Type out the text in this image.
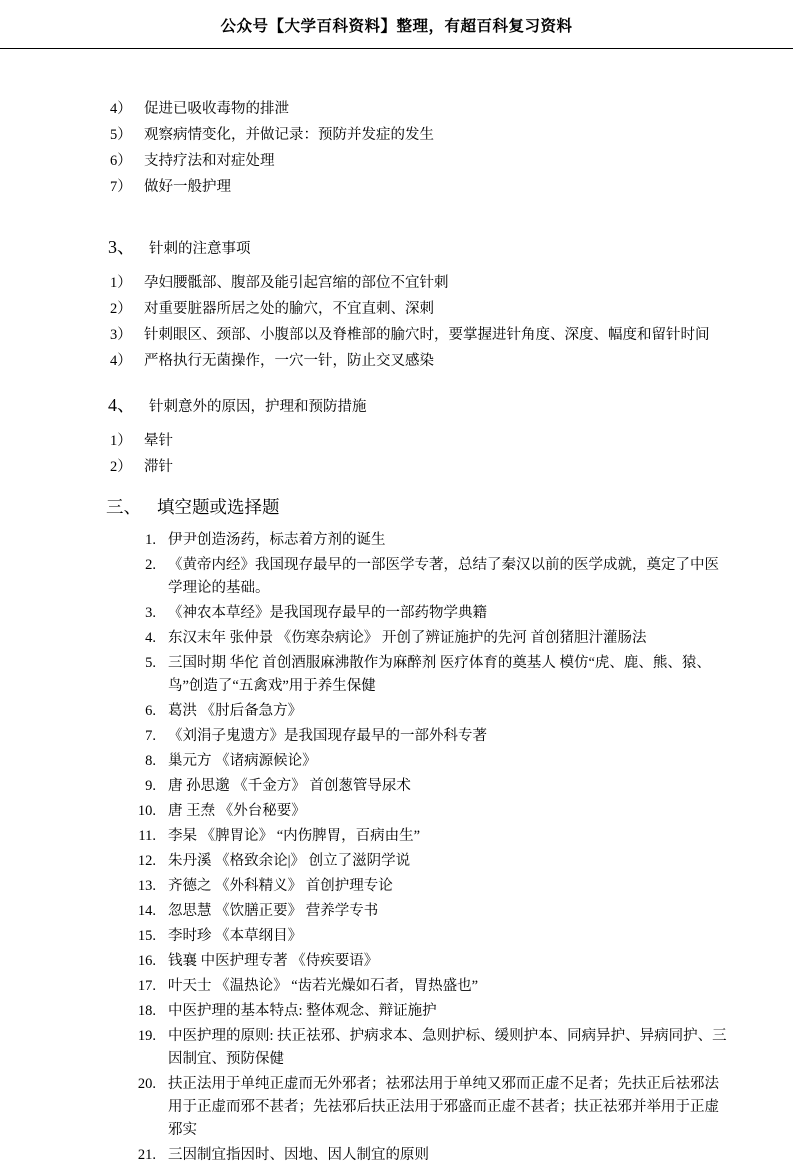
公众号【大学百科资料】整理，有超百科复习资料
4） 促进已吸收毒物的排泄
5） 观察病情变化，并做记录：预防并发症的发生
6） 支持疗法和对症处理
7） 做好一般护理
3、 针刺的注意事项
1） 孕妇腰骶部、腹部及能引起宫缩的部位不宜针刺
2） 对重要脏器所居之处的腧穴，不宜直刺、深刺
3） 针刺眼区、颈部、小腹部以及脊椎部的腧穴时，要掌握进针角度、深度、幅度和留针时间
4） 严格执行无菌操作，一穴一针，防止交叉感染
4、 针刺意外的原因，护理和预防措施
1） 晕针
2） 滞针
三、 填空题或选择题
1. 伊尹创造汤药，标志着方剂的诞生
2. 《黄帝内经》我国现存最早的一部医学专著，总结了秦汉以前的医学成就，奠定了中医学理论的基础。
3. 《神农本草经》是我国现存最早的一部药物学典籍
4. 东汉末年 张仲景 《伤寒杂病论》 开创了辨证施护的先河 首创猪胆汁灌肠法
5. 三国时期 华佗 首创酒服麻沸散作为麻醉剂 医疗体育的奠基人 模仿“虎、鹿、熊、猿、鸟”创造了“五禽戏”用于养生保健
6. 葛洪 《肘后备急方》
7. 《刘涓子鬼遗方》是我国现存最早的一部外科专著
8. 巢元方 《诸病源候论》
9. 唐 孙思邈 《千金方》 首创葱管导尿术
10. 唐 王焘 《外台秘要》
11. 李杲 《脾胃论》 “内伤脾胃，百病由生”
12. 朱丹溪 《格致余论|》 创立了滋阴学说
13. 齐德之 《外科精义》 首创护理专论
14. 忽思慧 《饮膳正要》 营养学专书
15. 李时珍 《本草纲目》
16. 钱襄 中医护理专著 《侍疾要语》
17. 叶天士 《温热论》 “齿若光燥如石者，胃热盛也”
18. 中医护理的基本特点: 整体观念、辩证施护
19. 中医护理的原则: 扶正祛邪、护病求本、急则护标、缓则护本、同病异护、异病同护、三因制宜、预防保健
20. 扶正法用于单纯正虚而无外邪者；祛邪法用于单纯又邪而正虚不足者；先扶正后祛邪法用于正虚而邪不甚者；先祛邪后扶正法用于邪盛而正虚不甚者；扶正祛邪并举用于正虚邪实
21. 三因制宜指因时、因地、因人制宜的原则
